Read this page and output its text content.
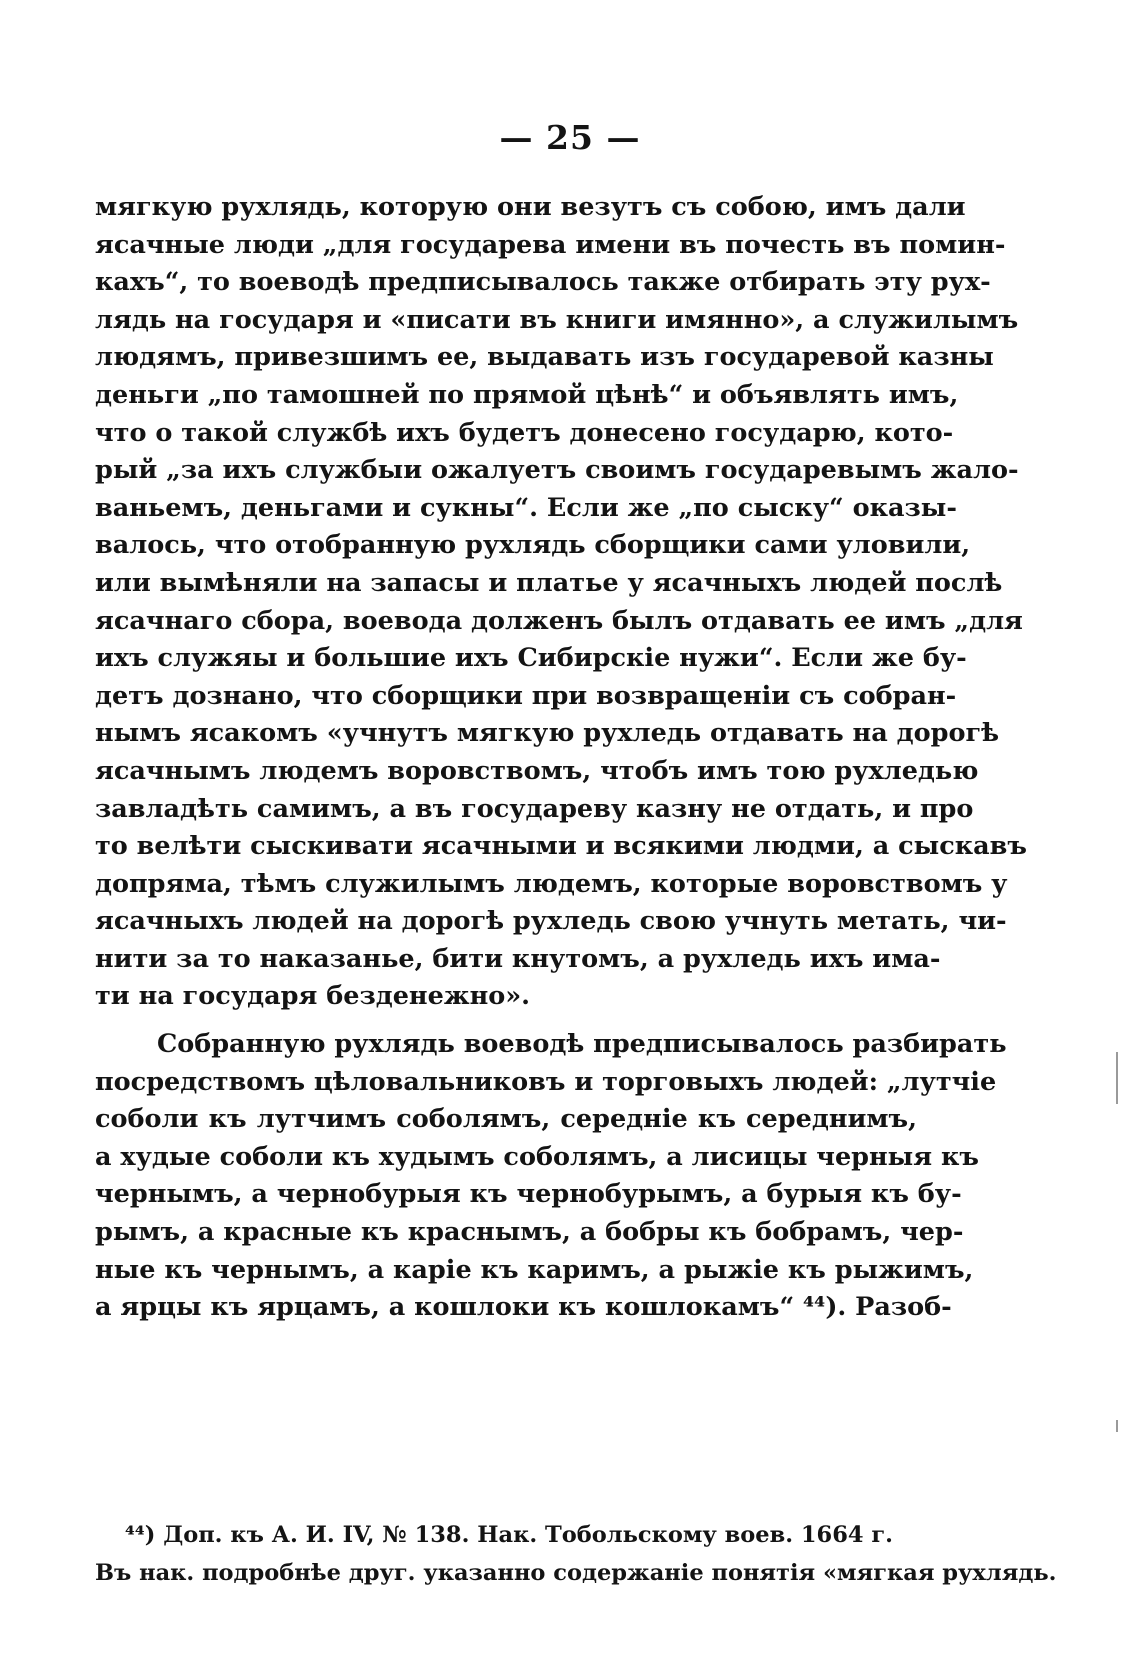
— 25 —
мягкую рухлядь, которую они везутъ съ собою, имъ дали
ясачные люди „для государева имени въ почесть въ помин-
кахъ“, то воеводѣ предписывалось также отбирать эту рух-
лядь на государя и «писати въ книги имянно», а служилымъ
людямъ, привезшимъ ее, выдавать изъ государевой казны
деньги „по тамошней по прямой цѣнѣ“ и объявлять имъ,
что о такой службѣ ихъ будетъ донесено государю, кото-
рый „за ихъ службыи ожалуетъ своимъ государевымъ жало-
ваньемъ, деньгами и сукны“. Если же „по сыску“ оказы-
валось, что отобранную рухлядь сборщики сами уловили,
или вымѣняли на запасы и платье у ясачныхъ людей послѣ
ясачнаго сбора, воевода долженъ былъ отдавать ее имъ „для
ихъ служяы и большие ихъ Сибирскіе нужи“. Если же бу-
детъ дознано, что сборщики при возвращеніи съ собран-
нымъ ясакомъ «учнутъ мягкую рухледь отдавать на дорогѣ
ясачнымъ людемъ воровствомъ, чтобъ имъ тою рухледью
завладѣть самимъ, а въ государеву казну не отдать, и про
то велѣти сыскивати ясачными и всякими людми, а сыскавъ
допряма, тѣмъ служилымъ людемъ, которые воровствомъ у
ясачныхъ людей на дорогѣ рухледь свою учнуть метать, чи-
нити за то наказанье, бити кнутомъ, а рухледь ихъ има-
ти на государя безденежно».
Собранную рухлядь воеводѣ предписывалось разбирать
посредствомъ цѣловальниковъ и торговыхъ людей: „лутчіе
соболи къ лутчимъ соболямъ, середніе къ середнимъ,
а худые соболи къ худымъ соболямъ, а лисицы черныя къ
чернымъ, а чернобурыя къ чернобурымъ, а бурыя къ бу-
рымъ, а красные къ краснымъ, а бобры къ бобрамъ, чер-
ные къ чернымъ, а каріе къ каримъ, а рыжіе къ рыжимъ,
а ярцы къ ярцамъ, а кошлоки къ кошлокамъ“ ⁴⁴). Разоб-
⁴⁴) Доп. къ А. И. IV, № 138. Нак. Тобольскому воев. 1664 г.
Въ нак. подробнѣе друг. указанно содержаніе понятія «мягкая рухлядь.
